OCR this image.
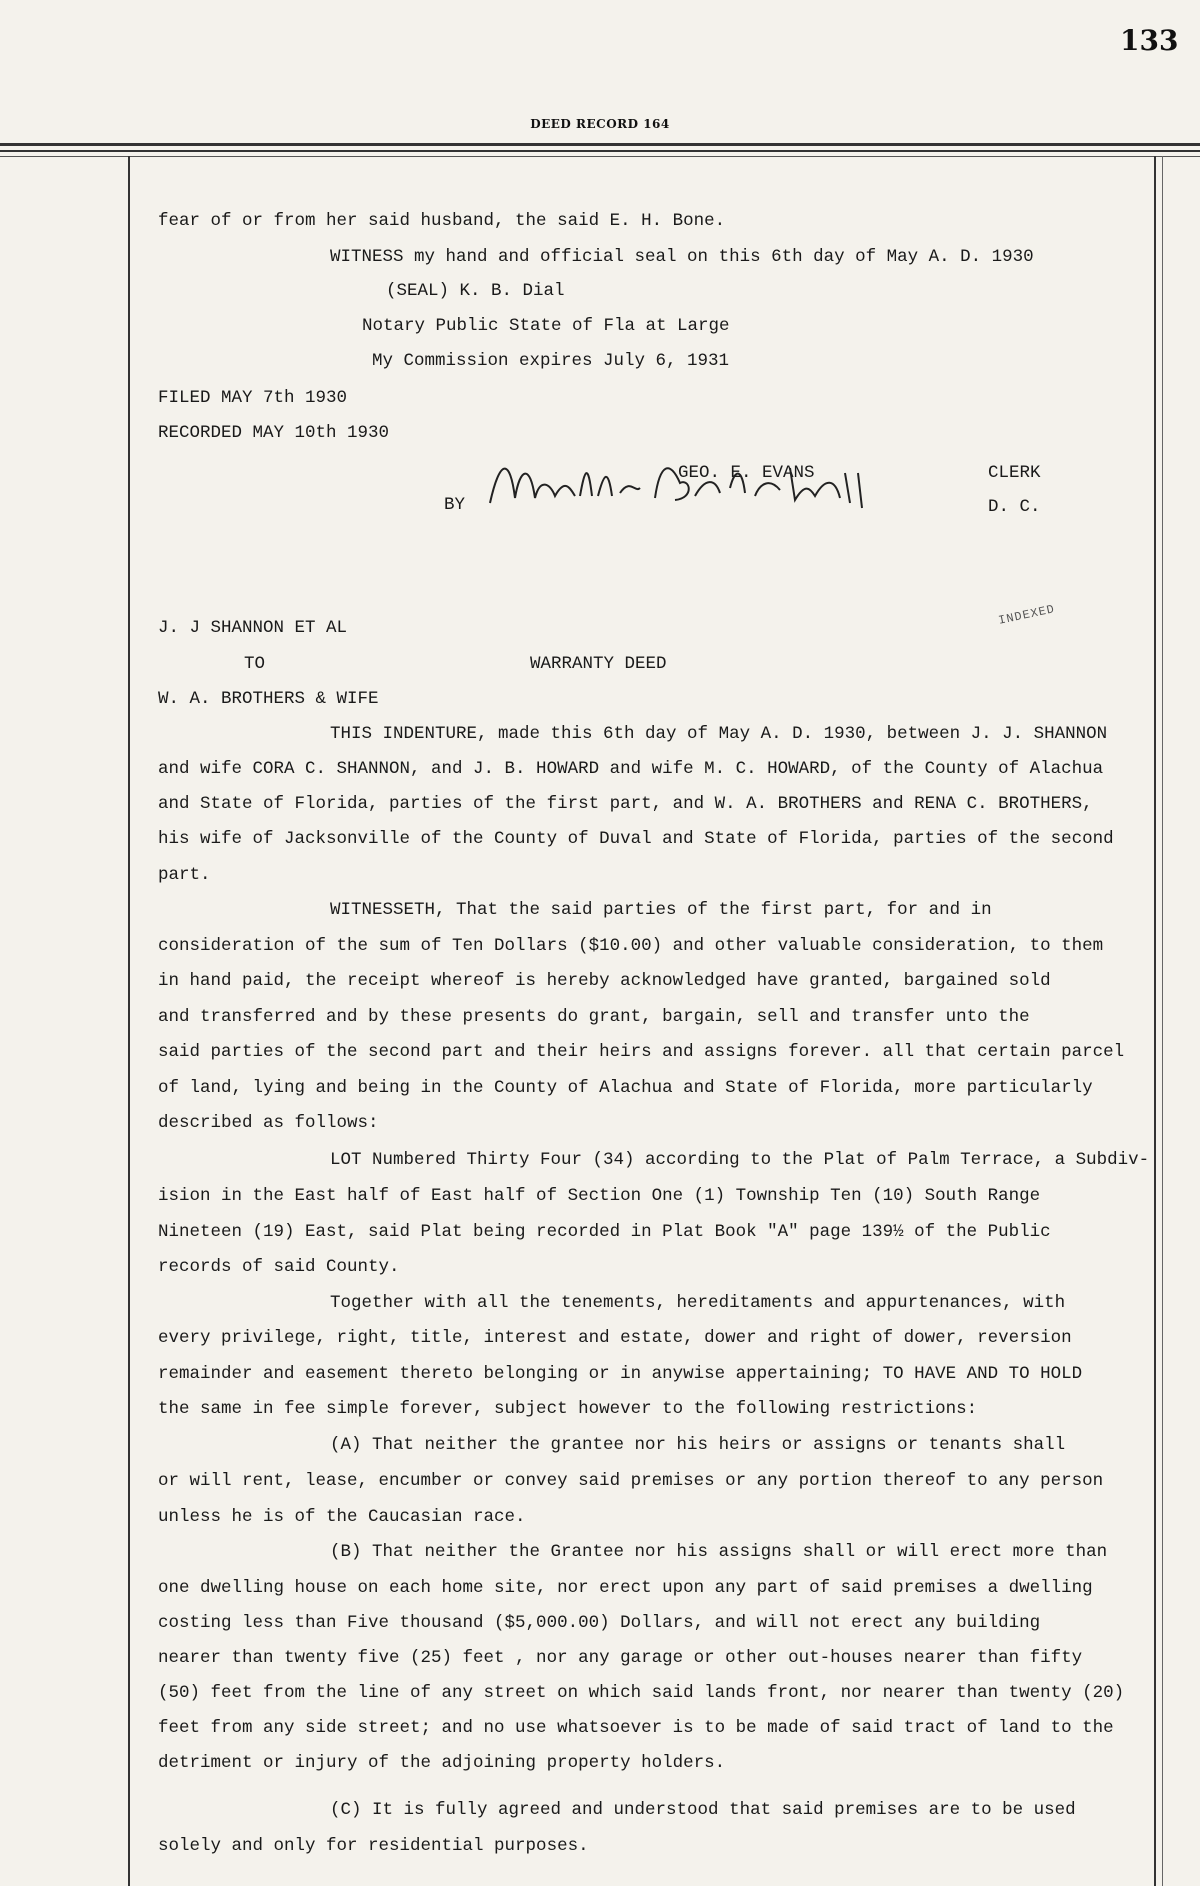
133
DEED RECORD 164

fear of or from her said husband, the said E. H. Bone.

WITNESS my hand and official seal on this 6th day of May A. D. 1930

(SEAL) K. B. Dial

Notary Public State of Fla at Large

My Commission expires July 6, 1931

FILED MAY 7th 1930

RECORDED MAY 10th 1930

GEO. E. EVANS	CLERK

BY	D. C.

J. J SHANNON ET AL

TO	WARRANTY DEED

W. A. BROTHERS & WIFE

INDEXED

THIS INDENTURE, made this 6th day of May A. D. 1930, between J. J. SHANNON

and wife CORA C. SHANNON, and J. B. HOWARD and wife M. C. HOWARD, of the County of Alachua

and State of Florida, parties of the first part, and W. A. BROTHERS and RENA C. BROTHERS,

his wife of Jacksonville of the County of Duval and State of Florida, parties of the second

part.

WITNESSETH, That the said parties of the first part, for and in

consideration of the sum of Ten Dollars ($10.00) and other valuable consideration, to them

in hand paid, the receipt whereof is hereby acknowledged have granted, bargained sold

and transferred and by these presents do grant, bargain, sell and transfer unto the

said parties of the second part and their heirs and assigns forever. all that certain parcel

of land, lying and being in the County of Alachua and State of Florida, more particularly

described as follows:

LOT Numbered Thirty Four (34) according to the Plat of Palm Terrace, a Subdiv-

ision in the East half of East half of Section One (1) Township Ten (10) South Range

Nineteen (19) East, said Plat being recorded in Plat Book "A" page 139½ of the Public

records of said County.

Together with all the tenements, hereditaments and appurtenances, with

every privilege, right, title, interest and estate, dower and right of dower, reversion

remainder and easement thereto belonging or in anywise appertaining; TO HAVE AND TO HOLD

the same in fee simple forever, subject however to the following restrictions:

(A) That neither the grantee nor his heirs or assigns or tenants shall

or will rent, lease, encumber or convey said premises or any portion thereof to any person

unless he is of the Caucasian race.

(B) That neither the Grantee nor his assigns shall or will erect more than

one dwelling house on each home site, nor erect upon any part of said premises a dwelling

costing less than Five thousand ($5,000.00) Dollars, and will not erect any building

nearer than twenty five (25) feet , nor any garage or other out-houses nearer than fifty

(50) feet from the line of any street on which said lands front, nor nearer than twenty (20)

feet from any side street; and no use whatsoever is to be made of said tract of land to the

detriment or injury of the adjoining property holders.

(C) It is fully agreed and understood that said premises are to be used

solely and only for residential purposes.
